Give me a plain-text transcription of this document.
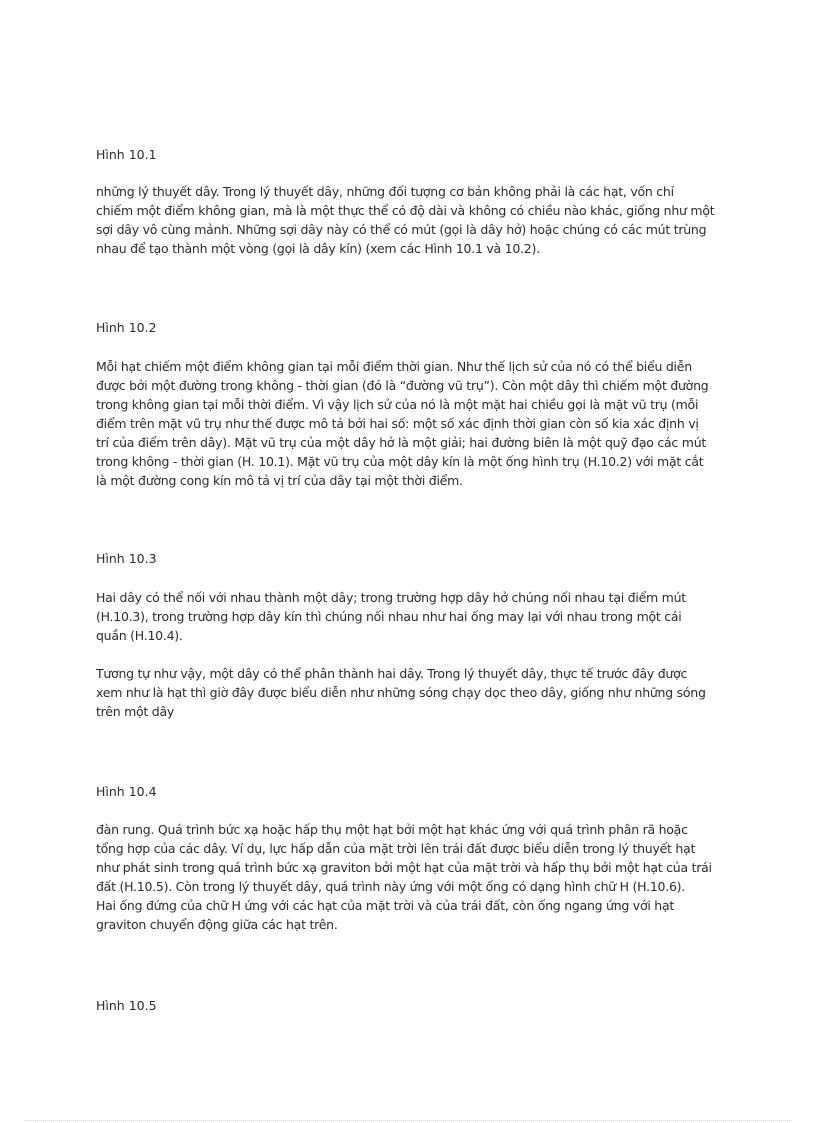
Hình 10.1

những lý thuyết dây. Trong lý thuyết dây, những đối tượng cơ bản không phải là các hạt, vốn chỉ
chiếm một điểm không gian, mà là một thực thể có độ dài và không có chiều nào khác, giống như một
sợi dây vô cùng mảnh. Những sợi dây này có thể có mút (gọi là dây hở) hoặc chúng có các mút trùng
nhau để tạo thành một vòng (gọi là dây kín) (xem các Hình 10.1 và 10.2).

Hình 10.2

Mỗi hạt chiếm một điểm không gian tại mỗi điểm thời gian. Như thế lịch sử của nó có thể biểu diễn
được bởi một đường trong không - thời gian (đó là “đường vũ trụ”). Còn một dây thì chiếm một đường
trong không gian tại mỗi thời điểm. Vì vậy lịch sử của nó là một mặt hai chiều gọi là mặt vũ trụ (mỗi
điểm trên mặt vũ trụ như thế được mô tả bởi hai số: một số xác định thời gian còn số kia xác định vị
trí của điểm trên dây). Mặt vũ trụ của một dây hở là một giải; hai đường biên là một quỹ đạo các mút
trong không - thời gian (H. 10.1). Mặt vũ trụ của một dây kín là một ống hình trụ (H.10.2) với mặt cắt
là một đường cong kín mô tả vị trí của dây tại một thời điểm.

Hình 10.3

Hai dây có thể nối với nhau thành một dây; trong trường hợp dây hở chúng nối nhau tại điểm mút
(H.10.3), trong trường hợp dây kín thì chúng nối nhau như hai ống may lại với nhau trong một cái
quần (H.10.4).
Tương tự như vậy, một dây có thể phân thành hai dây. Trong lý thuyết dây, thực tế trước đây được
xem như là hạt thì giờ đây được biểu diễn như những sóng chạy dọc theo dây, giống như những sóng
trên một dây

Hình 10.4

đàn rung. Quá trình bức xạ hoặc hấp thụ một hạt bởi một hạt khác ứng với quá trình phân rã hoặc
tổng hợp của các dây. Ví dụ, lực hấp dẫn của mặt trời lên trái đất được biểu diễn trong lý thuyết hạt
như phát sinh trong quá trình bức xạ graviton bởi một hạt của mặt trời và hấp thụ bởi một hạt của trái
đất (H.10.5). Còn trong lý thuyết dây, quá trình này ứng với một ống có dạng hình chữ H (H.10.6).
Hai ống đứng của chữ H ứng với các hạt của mặt trời và của trái đất, còn ống ngang ứng với hạt
graviton chuyển động giữa các hạt trên.

Hình 10.5
